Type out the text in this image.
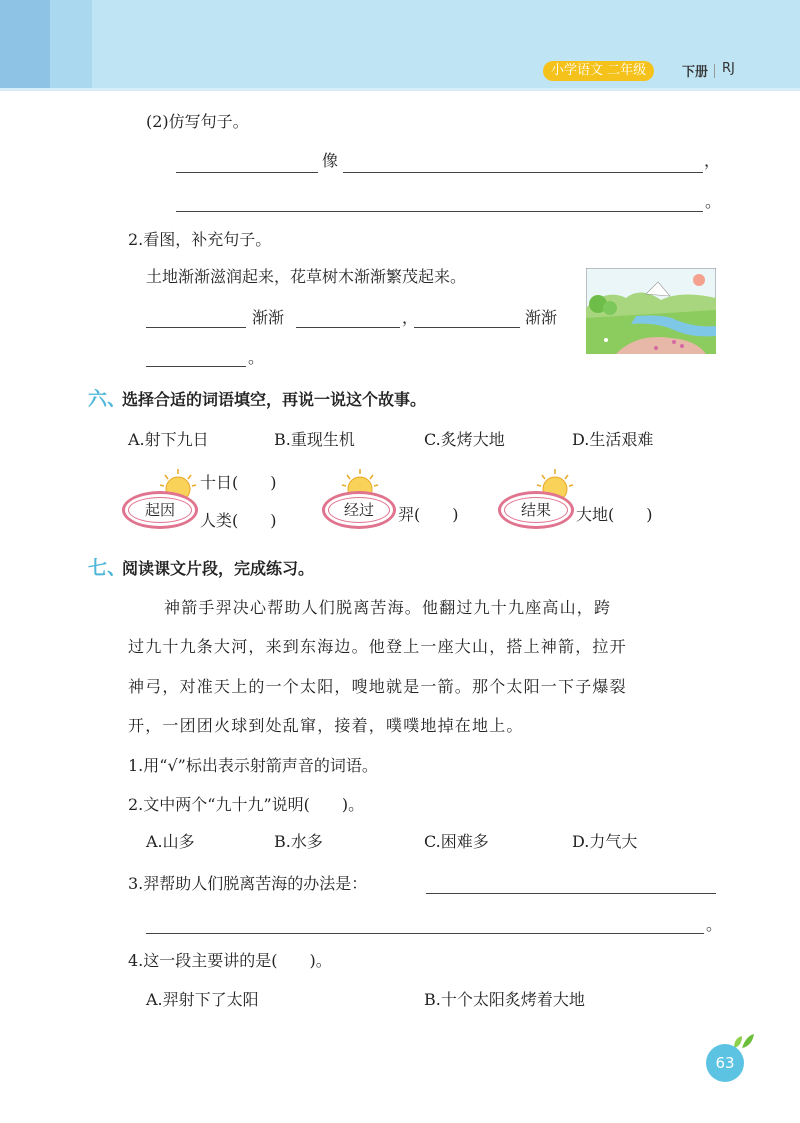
小学语文 二年级	下册 RJ
(2)仿写句子。
像	，
。
2.看图，补充句子。
土地渐渐滋润起来，花草树木渐渐繁茂起来。
渐渐	，	渐渐
。
六、
选择合适的词语填空，再说一说这个故事。
A.射下九日	B.重现生机	C.炙烤大地	D.生活艰难
起因	经过	结果
十日(　　)
人类(　　)	羿(　　)	大地(　　)
七、
阅读课文片段，完成练习。
神箭手羿决心帮助人们脱离苦海。他翻过九十九座高山，跨
过九十九条大河，来到东海边。他登上一座大山，搭上神箭，拉开
神弓，对准天上的一个太阳，嗖地就是一箭。那个太阳一下子爆裂
开，一团团火球到处乱窜，接着，噗噗地掉在地上。
1.用“√”标出表示射箭声音的词语。
2.文中两个“九十九”说明(　　)。
A.山多	B.水多	C.困难多	D.力气大
3.羿帮助人们脱离苦海的办法是：
。
4.这一段主要讲的是(　　)。
A.羿射下了太阳	B.十个太阳炙烤着大地
63
